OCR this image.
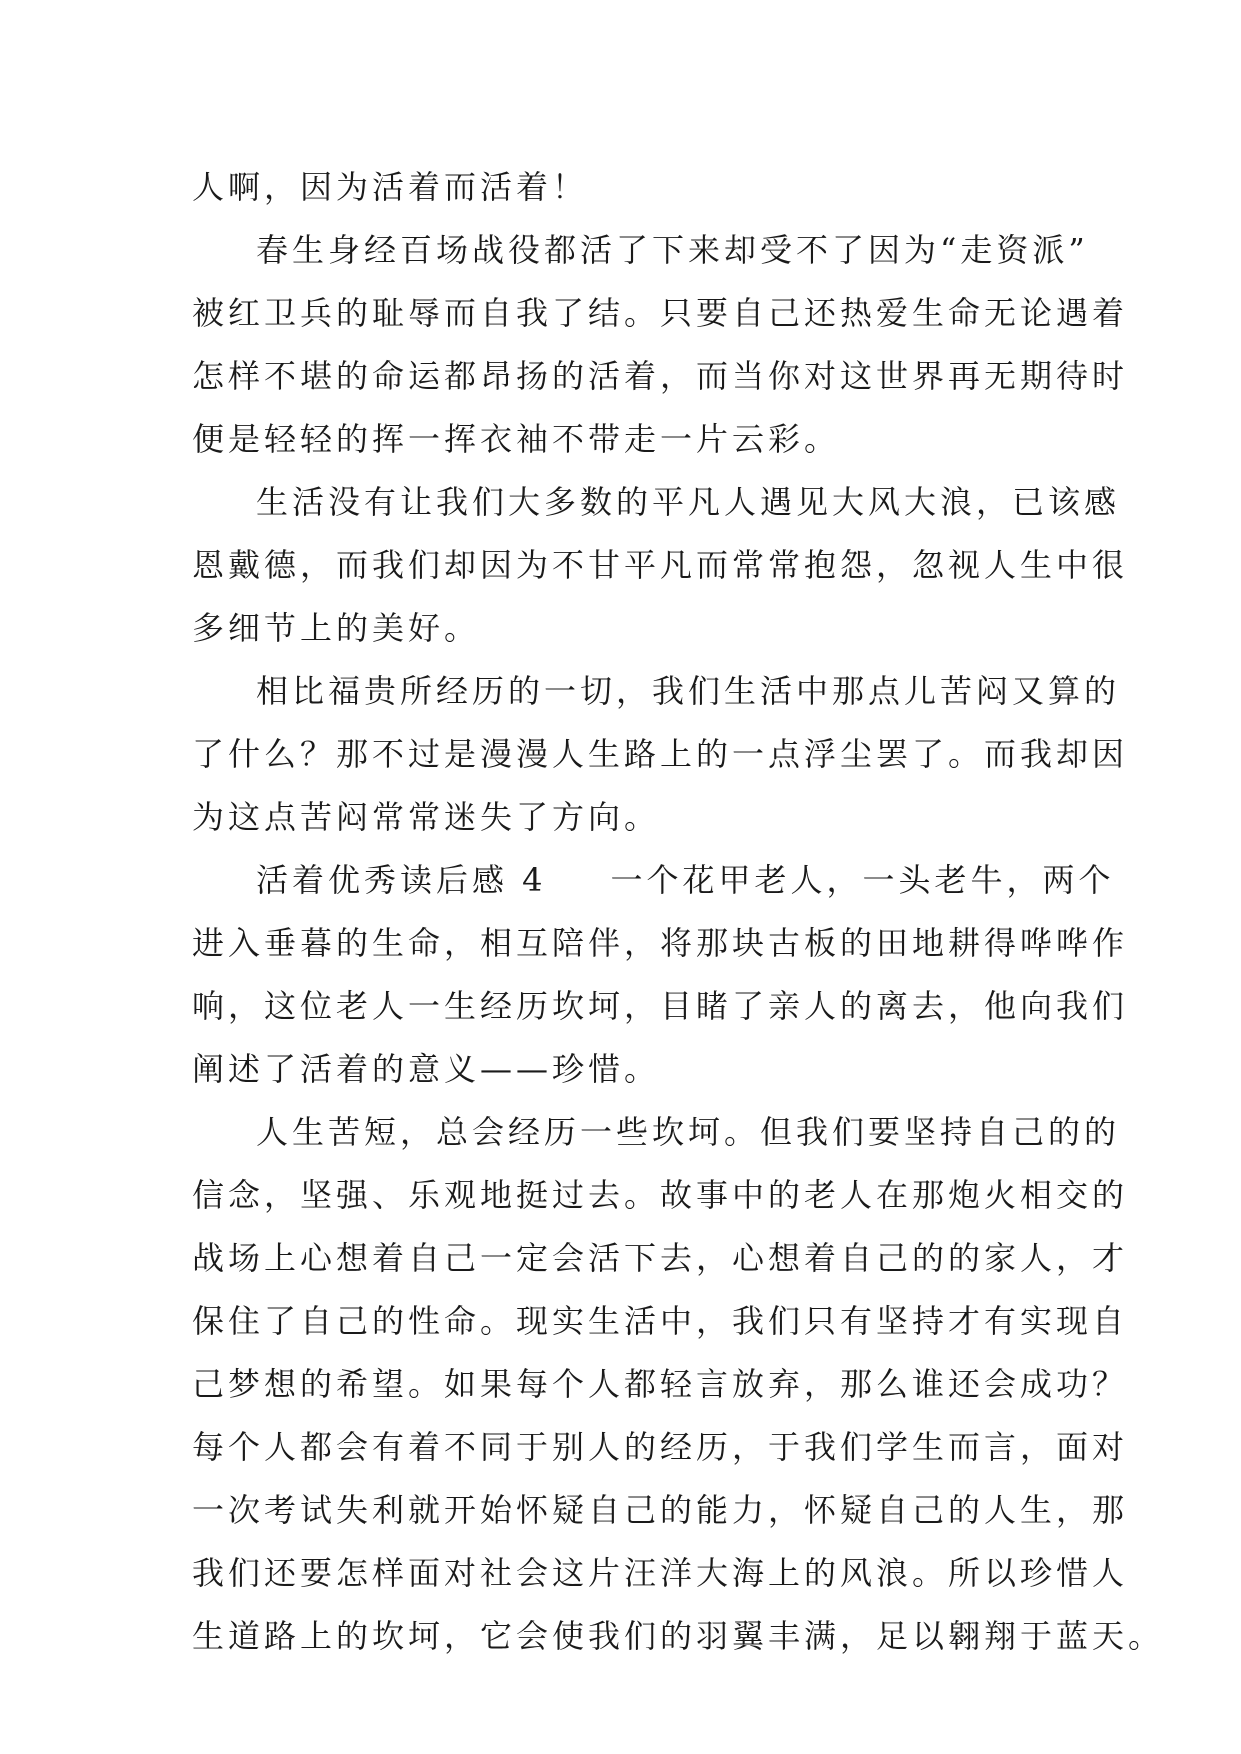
人啊，因为活着而活着！
春生身经百场战役都活了下来却受不了因为“走资派”
被红卫兵的耻辱而自我了结。只要自己还热爱生命无论遇着
怎样不堪的命运都昂扬的活着，而当你对这世界再无期待时
便是轻轻的挥一挥衣袖不带走一片云彩。
生活没有让我们大多数的平凡人遇见大风大浪，已该感
恩戴德，而我们却因为不甘平凡而常常抱怨，忽视人生中很
多细节上的美好。
相比福贵所经历的一切，我们生活中那点儿苦闷又算的
了什么？那不过是漫漫人生路上的一点浮尘罢了。而我却因
为这点苦闷常常迷失了方向。
活着优秀读后感 4 一个花甲老人，一头老牛，两个
进入垂暮的生命，相互陪伴，将那块古板的田地耕得哗哗作
响，这位老人一生经历坎坷，目睹了亲人的离去，他向我们
阐述了活着的意义——珍惜。
人生苦短，总会经历一些坎坷。但我们要坚持自己的的
信念，坚强、乐观地挺过去。故事中的老人在那炮火相交的
战场上心想着自己一定会活下去，心想着自己的的家人，才
保住了自己的性命。现实生活中，我们只有坚持才有实现自
己梦想的希望。如果每个人都轻言放弃，那么谁还会成功？
每个人都会有着不同于别人的经历，于我们学生而言，面对
一次考试失利就开始怀疑自己的能力，怀疑自己的人生，那
我们还要怎样面对社会这片汪洋大海上的风浪。所以珍惜人
生道路上的坎坷，它会使我们的羽翼丰满，足以翱翔于蓝天。
